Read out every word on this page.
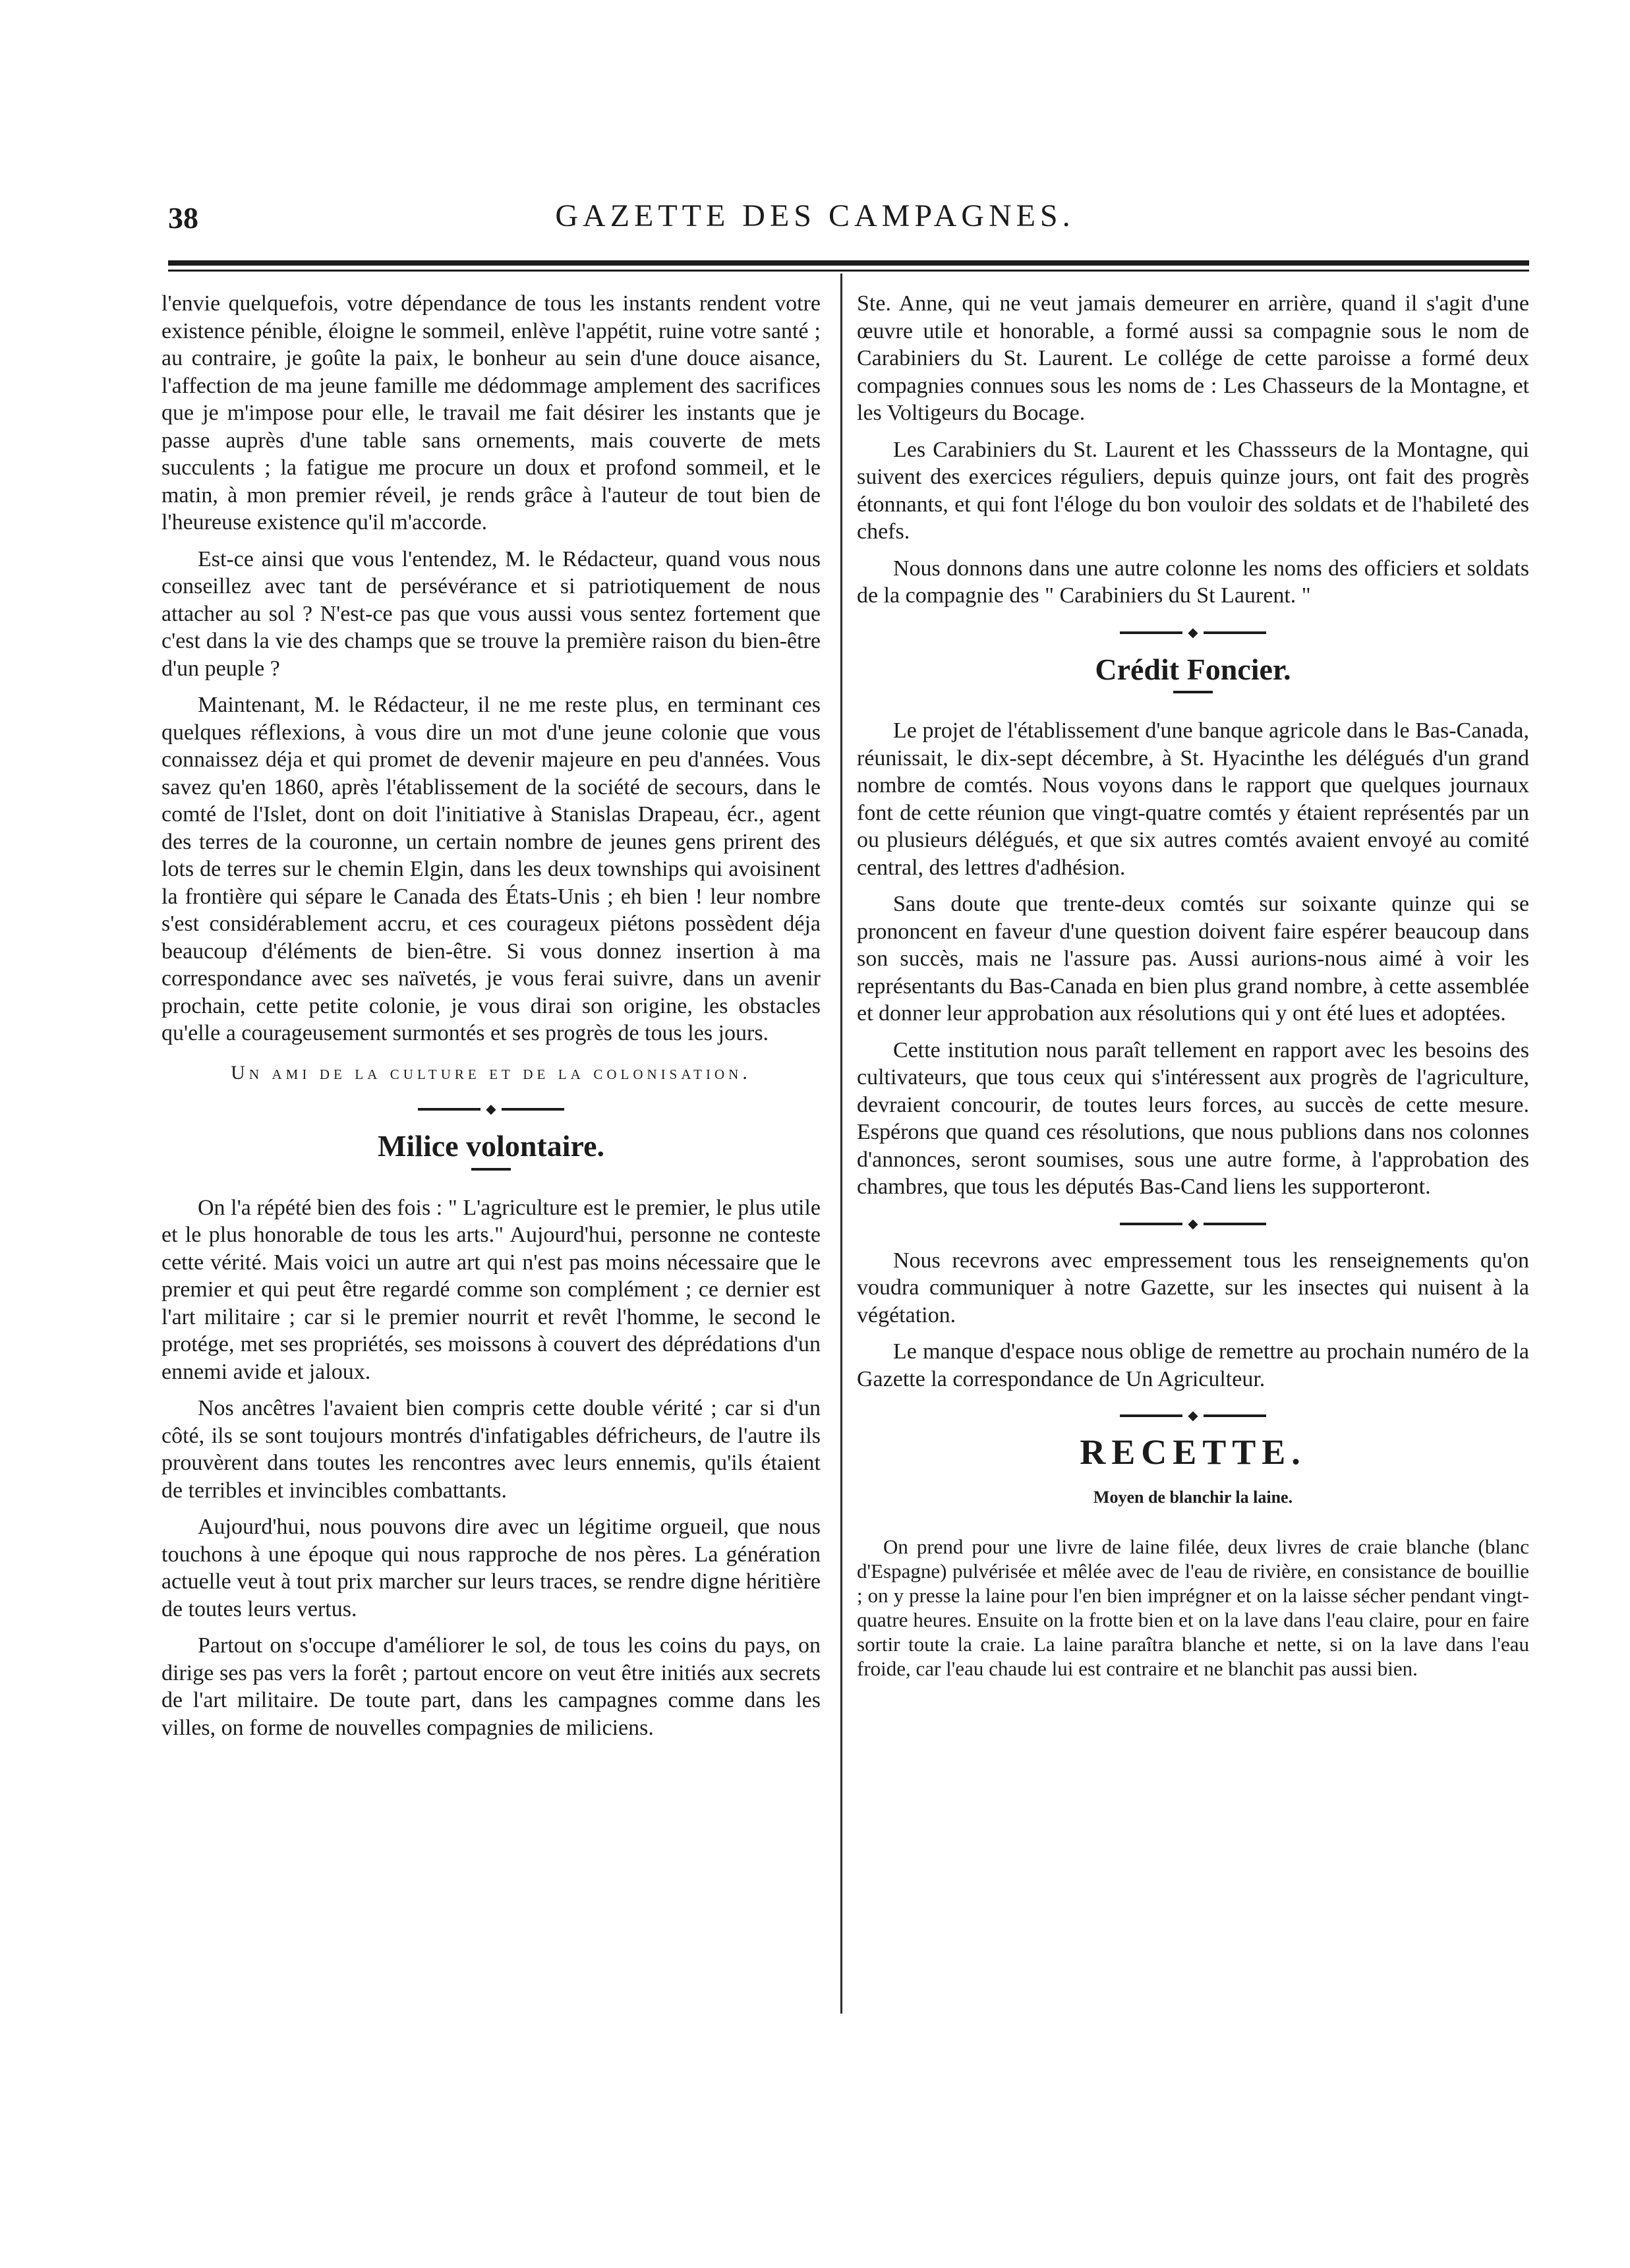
38	GAZETTE DES CAMPAGNES.

l'envie quelquefois, votre dépendance de tous les instants rendent votre existence pénible, éloigne le sommeil, enlève l'appétit, ruine votre santé ; au contraire, je goûte la paix, le bonheur au sein d'une douce aisance, l'affection de ma jeune famille me dédommage amplement des sacrifices que je m'impose pour elle, le travail me fait désirer les instants que je passe auprès d'une table sans ornements, mais couverte de mets succulents ; la fatigue me procure un doux et profond sommeil, et le matin, à mon premier réveil, je rends grâce à l'auteur de tout bien de l'heureuse existence qu'il m'accorde.

Est-ce ainsi que vous l'entendez, M. le Rédacteur, quand vous nous conseillez avec tant de persévérance et si patriotiquement de nous attacher au sol ? N'est-ce pas que vous aussi vous sentez fortement que c'est dans la vie des champs que se trouve la première raison du bien-être d'un peuple ?

Maintenant, M. le Rédacteur, il ne me reste plus, en terminant ces quelques réflexions, à vous dire un mot d'une jeune colonie que vous connaissez déja et qui promet de devenir majeure en peu d'années. Vous savez qu'en 1860, après l'établissement de la société de secours, dans le comté de l'Islet, dont on doit l'initiative à Stanislas Drapeau, écr., agent des terres de la couronne, un certain nombre de jeunes gens prirent des lots de terres sur le chemin Elgin, dans les deux townships qui avoisinent la frontière qui sépare le Canada des États-Unis ; eh bien ! leur nombre s'est considérablement accru, et ces courageux piétons possèdent déja beaucoup d'éléments de bien-être. Si vous donnez insertion à ma correspondance avec ses naïvetés, je vous ferai suivre, dans un avenir prochain, cette petite colonie, je vous dirai son origine, les obstacles qu'elle a courageusement surmontés et ses progrès de tous les jours.

Un ami de la culture et de la colonisation.
◆
Milice volontaire.

On l'a répété bien des fois : " L'agriculture est le premier, le plus utile et le plus honorable de tous les arts." Aujourd'hui, personne ne conteste cette vérité. Mais voici un autre art qui n'est pas moins nécessaire que le premier et qui peut être regardé comme son complément ; ce dernier est l'art militaire ; car si le premier nourrit et revêt l'homme, le second le protége, met ses propriétés, ses moissons à couvert des déprédations d'un ennemi avide et jaloux.

Nos ancêtres l'avaient bien compris cette double vérité ; car si d'un côté, ils se sont toujours montrés d'infatigables défricheurs, de l'autre ils prouvèrent dans toutes les rencontres avec leurs ennemis, qu'ils étaient de terribles et invincibles combattants.

Aujourd'hui, nous pouvons dire avec un légitime orgueil, que nous touchons à une époque qui nous rapproche de nos pères. La génération actuelle veut à tout prix marcher sur leurs traces, se rendre digne héritière de toutes leurs vertus.

Partout on s'occupe d'améliorer le sol, de tous les coins du pays, on dirige ses pas vers la forêt ; partout encore on veut être initiés aux secrets de l'art militaire. De toute part, dans les campagnes comme dans les villes, on forme de nouvelles compagnies de miliciens.

Ste. Anne, qui ne veut jamais demeurer en arrière, quand il s'agit d'une œuvre utile et honorable, a formé aussi sa compagnie sous le nom de Carabiniers du St. Laurent. Le collége de cette paroisse a formé deux compagnies connues sous les noms de : Les Chasseurs de la Montagne, et les Voltigeurs du Bocage.

Les Carabiniers du St. Laurent et les Chassseurs de la Montagne, qui suivent des exercices réguliers, depuis quinze jours, ont fait des progrès étonnants, et qui font l'éloge du bon vouloir des soldats et de l'habileté des chefs.

Nous donnons dans une autre colonne les noms des officiers et soldats de la compagnie des " Carabiniers du St Laurent. "

◆
Crédit Foncier.

Le projet de l'établissement d'une banque agricole dans le Bas-Canada, réunissait, le dix-sept décembre, à St. Hyacinthe les délégués d'un grand nombre de comtés. Nous voyons dans le rapport que quelques journaux font de cette réunion que vingt-quatre comtés y étaient représentés par un ou plusieurs délégués, et que six autres comtés avaient envoyé au comité central, des lettres d'adhésion.

Sans doute que trente-deux comtés sur soixante quinze qui se prononcent en faveur d'une question doivent faire espérer beaucoup dans son succès, mais ne l'assure pas. Aussi aurions-nous aimé à voir les représentants du Bas-Canada en bien plus grand nombre, à cette assemblée et donner leur approbation aux résolutions qui y ont été lues et adoptées.

Cette institution nous paraît tellement en rapport avec les besoins des cultivateurs, que tous ceux qui s'intéressent aux progrès de l'agriculture, devraient concourir, de toutes leurs forces, au succès de cette mesure. Espérons que quand ces résolutions, que nous publions dans nos colonnes d'annonces, seront soumises, sous une autre forme, à l'approbation des chambres, que tous les députés Bas-Cand liens les supporteront.

◆

Nous recevrons avec empressement tous les renseignements qu'on voudra communiquer à notre Gazette, sur les insectes qui nuisent à la végétation.

Le manque d'espace nous oblige de remettre au prochain numéro de la Gazette la correspondance de Un Agriculteur.

◆
RECETTE.
Moyen de blanchir la laine.

On prend pour une livre de laine filée, deux livres de craie blanche (blanc d'Espagne) pulvérisée et mêlée avec de l'eau de rivière, en consistance de bouillie ; on y presse la laine pour l'en bien imprégner et on la laisse sécher pendant vingt-quatre heures. Ensuite on la frotte bien et on la lave dans l'eau claire, pour en faire sortir toute la craie. La laine paraîtra blanche et nette, si on la lave dans l'eau froide, car l'eau chaude lui est contraire et ne blanchit pas aussi bien.
